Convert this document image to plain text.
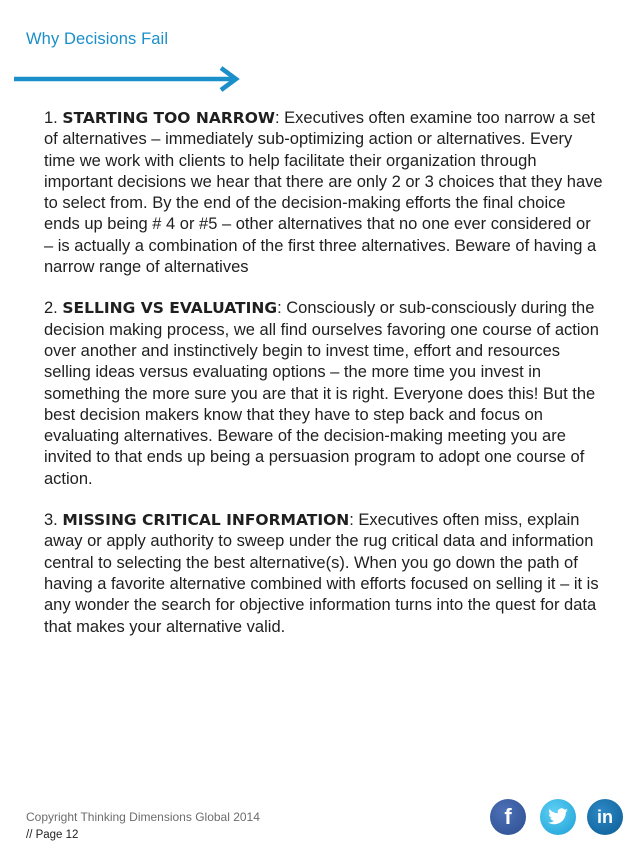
Why Decisions Fail

1. STARTING TOO NARROW: Executives often examine too narrow a set of alternatives – immediately sub-optimizing action or alternatives. Every time we work with clients to help facilitate their organization through important decisions we hear that there are only 2 or 3 choices that they have to select from. By the end of the decision-making efforts the final choice ends up being # 4 or #5 – other alternatives that no one ever considered or – is actually a combination of the first three alternatives. Beware of having a narrow range of alternatives

2. SELLING VS EVALUATING: Consciously or sub-consciously during the decision making process, we all find ourselves favoring one course of action over another and instinctively begin to invest time, effort and resources selling ideas versus evaluating options – the more time you invest in something the more sure you are that it is right. Everyone does this! But the best decision makers know that they have to step back and focus on evaluating alternatives. Beware of the decision-making meeting you are invited to that ends up being a persuasion program to adopt one course of action.

3. MISSING CRITICAL INFORMATION: Executives often miss, explain away or apply authority to sweep under the rug critical data and information central to selecting the best alternative(s). When you go down the path of having a favorite alternative combined with efforts focused on selling it – it is any wonder the search for objective information turns into the quest for data that makes your alternative valid.

Copyright Thinking Dimensions Global 2014
// Page 12
f	in
